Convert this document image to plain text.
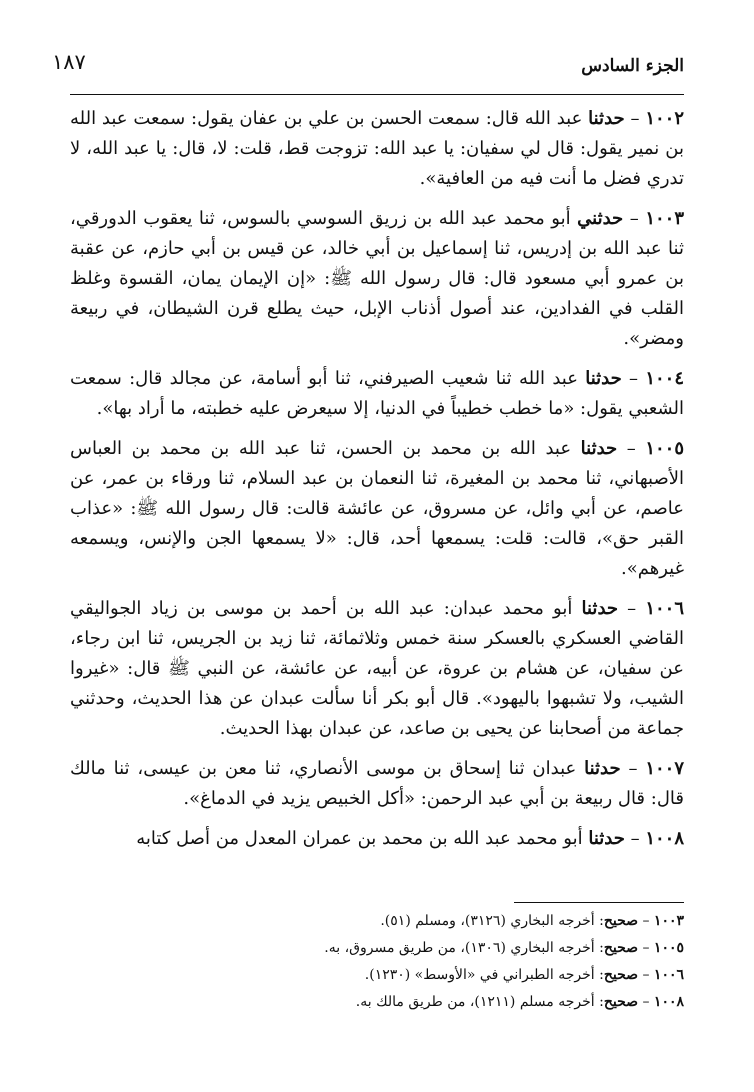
١٨٧	الجزء السادس

١٠٠٢ – حدثنا عبد الله قال: سمعت الحسن بن علي بن عفان يقول: سمعت عبد الله بن نمير يقول: قال لي سفيان: يا عبد الله: تزوجت قط، قلت: لا، قال: يا عبد الله، لا تدري فضل ما أنت فيه من العافية».

١٠٠٣ – حدثني أبو محمد عبد الله بن زريق السوسي بالسوس، ثنا يعقوب الدورقي، ثنا عبد الله بن إدريس، ثنا إسماعيل بن أبي خالد، عن قيس بن أبي حازم، عن عقبة بن عمرو أبي مسعود قال: قال رسول الله ﷺ: «إن الإيمان يمان، القسوة وغلظ القلب في الفدادين، عند أصول أذناب الإبل، حيث يطلع قرن الشيطان، في ربيعة ومضر».

١٠٠٤ – حدثنا عبد الله ثنا شعيب الصيرفني، ثنا أبو أسامة، عن مجالد قال: سمعت الشعبي يقول: «ما خطب خطيباً في الدنيا، إلا سيعرض عليه خطبته، ما أراد بها».

١٠٠٥ – حدثنا عبد الله بن محمد بن الحسن، ثنا عبد الله بن محمد بن العباس الأصبهاني، ثنا محمد بن المغيرة، ثنا النعمان بن عبد السلام، ثنا ورقاء بن عمر، عن عاصم، عن أبي وائل، عن مسروق، عن عائشة قالت: قال رسول الله ﷺ: «عذاب القبر حق»، قالت: قلت: يسمعها أحد، قال: «لا يسمعها الجن والإنس، ويسمعه غيرهم».

١٠٠٦ – حدثنا أبو محمد عبدان: عبد الله بن أحمد بن موسى بن زياد الجواليقي القاضي العسكري بالعسكر سنة خمس وثلاثمائة، ثنا زيد بن الجريس، ثنا ابن رجاء، عن سفيان، عن هشام بن عروة، عن أبيه، عن عائشة، عن النبي ﷺ قال: «غيروا الشيب، ولا تشبهوا باليهود». قال أبو بكر أنا سألت عبدان عن هذا الحديث، وحدثني جماعة من أصحابنا عن يحيى بن صاعد، عن عبدان بهذا الحديث.

١٠٠٧ – حدثنا عبدان ثنا إسحاق بن موسى الأنصاري، ثنا معن بن عيسى، ثنا مالك قال: قال ربيعة بن أبي عبد الرحمن: «أكل الخبيص يزيد في الدماغ».

١٠٠٨ – حدثنا أبو محمد عبد الله بن محمد بن عمران المعدل من أصل كتابه

١٠٠٣ – صحيح: أخرجه البخاري (٣١٢٦)، ومسلم (٥١).
١٠٠٥ – صحيح: أخرجه البخاري (١٣٠٦)، من طريق مسروق، به.
١٠٠٦ – صحيح: أخرجه الطبراني في «الأوسط» (١٢٣٠).
١٠٠٨ – صحيح: أخرجه مسلم (١٢١١)، من طريق مالك به.
